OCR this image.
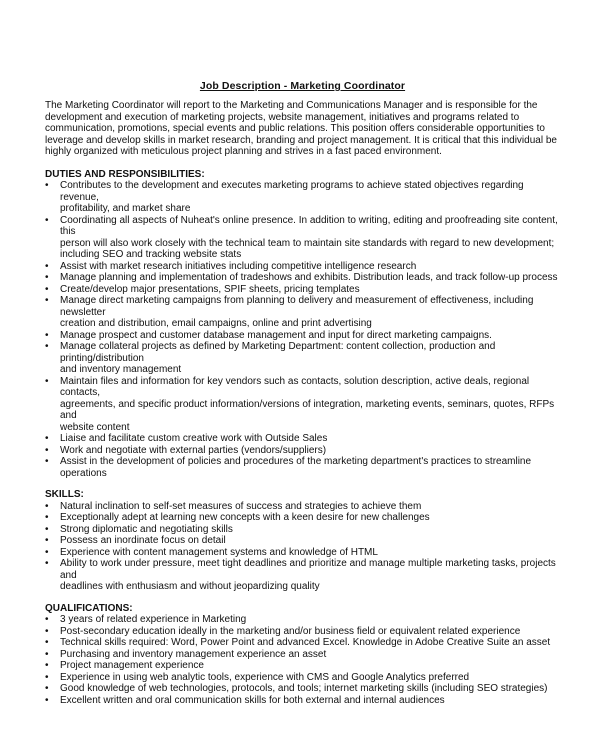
Job Description - Marketing Coordinator
The Marketing Coordinator will report to the Marketing and Communications Manager and is responsible for the
development and execution of marketing projects, website management, initiatives and programs related to
communication, promotions, special events and public relations. This position offers considerable opportunities to
leverage and develop skills in market research, branding and project management. It is critical that this individual be
highly organized with meticulous project planning and strives in a fast paced environment.
DUTIES AND RESPONSIBILITIES:
•	Contributes to the development and executes marketing programs to achieve stated objectives regarding revenue,
profitability, and market share
•	Coordinating all aspects of Nuheat's online presence. In addition to writing, editing and proofreading site content, this
person will also work closely with the technical team to maintain site standards with regard to new development;
including SEO and tracking website stats
•	Assist with market research initiatives including competitive intelligence research
•	Manage planning and implementation of tradeshows and exhibits. Distribution leads, and track follow-up process
•	Create/develop major presentations, SPIF sheets, pricing templates
•	Manage direct marketing campaigns from planning to delivery and measurement of effectiveness, including newsletter
creation and distribution, email campaigns, online and print advertising
•	Manage prospect and customer database management and input for direct marketing campaigns.
•	Manage collateral projects as defined by Marketing Department: content collection, production and printing/distribution
and inventory management
•	Maintain files and information for key vendors such as contacts, solution description, active deals, regional contacts,
agreements, and specific product information/versions of integration, marketing events, seminars, quotes, RFPs and
website content
•	Liaise and facilitate custom creative work with Outside Sales
•	Work and negotiate with external parties (vendors/suppliers)
•	Assist in the development of policies and procedures of the marketing department's practices to streamline operations
SKILLS:
•	Natural inclination to self-set measures of success and strategies to achieve them
•	Exceptionally adept at learning new concepts with a keen desire for new challenges
•	Strong diplomatic and negotiating skills
•	Possess an inordinate focus on detail
•	Experience with content management systems and knowledge of HTML
•	Ability to work under pressure, meet tight deadlines and prioritize and manage multiple marketing tasks, projects and
deadlines with enthusiasm and without jeopardizing quality
QUALIFICATIONS:
•	3 years of related experience in Marketing
•	Post-secondary education ideally in the marketing and/or business field or equivalent related experience
•	Technical skills required: Word, Power Point and advanced Excel. Knowledge in Adobe Creative Suite an asset
•	Purchasing and inventory management experience an asset
•	Project management experience
•	Experience in using web analytic tools, experience with CMS and Google Analytics preferred
•	Good knowledge of web technologies, protocols, and tools; internet marketing skills (including SEO strategies)
•	Excellent written and oral communication skills for both external and internal audiences
